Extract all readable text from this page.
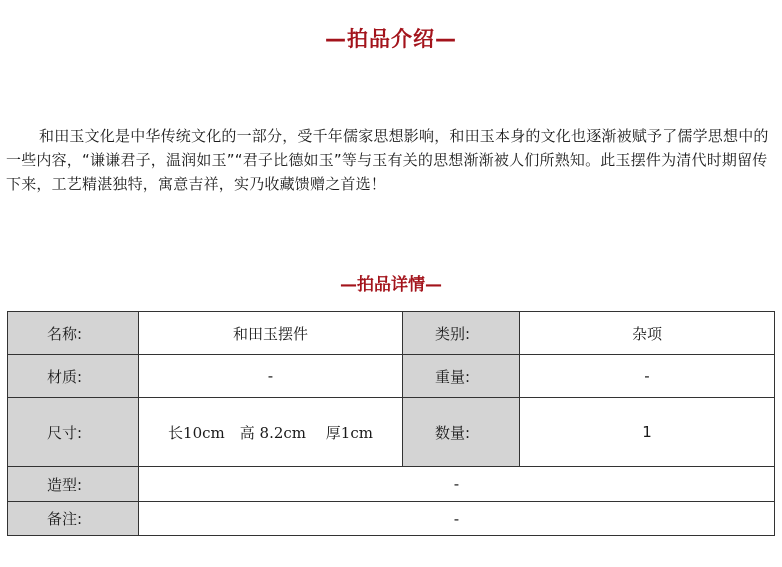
—拍品介绍—
和田玉文化是中华传统文化的一部分，受千年儒家思想影响，和田玉本身的文化也逐渐被赋予了儒学思想中的一些内容，“谦谦君子，温润如玉”“君子比德如玉”等与玉有关的思想渐渐被人们所熟知。此玉摆件为清代时期留传下来，工艺精湛独特，寓意吉祥，实乃收藏馈赠之首选！
—拍品详情—
名称:	和田玉摆件	类别:	杂项
材质:	-	重量:	-
尺寸:	长10cm　高 8.2cm　 厚1cm	数量:	1
造型:	-		
备注:	-		
